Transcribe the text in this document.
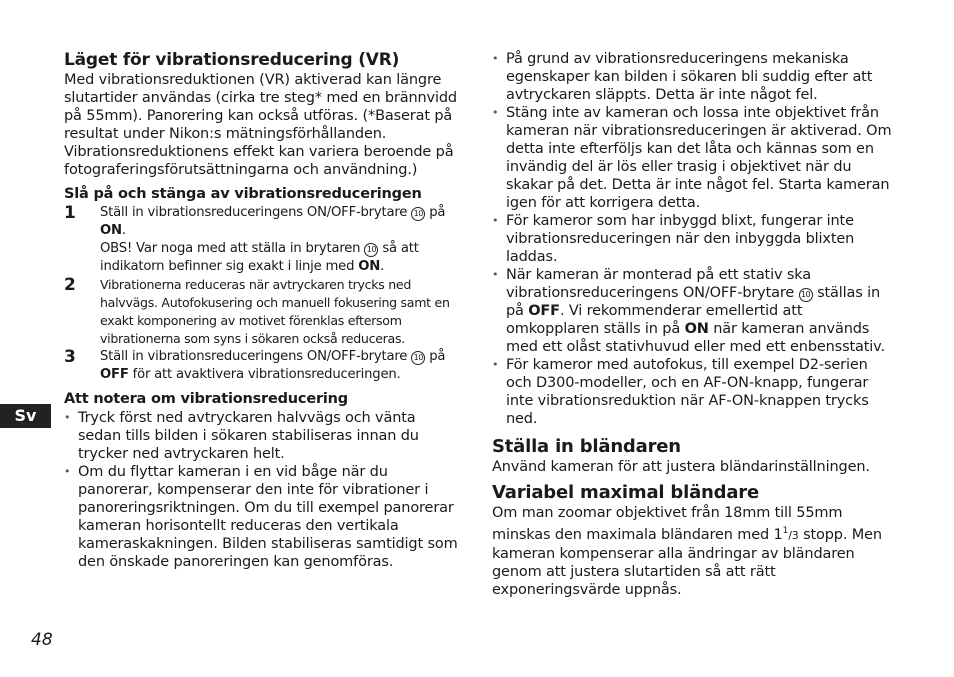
Sv
48
Läget för vibrationsreducering (VR)

Med vibrationsreduktionen (VR) aktiverad kan längre slutartider användas (cirka tre steg* med en brännvidd på 55mm). Panorering kan också utföras. (*Baserat på resultat under Nikon:s mätningsförhållanden. Vibrationsreduktionens effekt kan variera beroende på fotograferingsförutsättningarna och användning.)

Slå på och stänga av vibrationsreduceringen
1 Ställ in vibrationsreduceringens ON/OFF-brytare 10 på ON.

OBS! Var noga med att ställa in brytaren 10 så att indikatorn befinner sig exakt i linje med ON.

2 Vibrationerna reduceras när avtryckaren trycks ned halvvägs. Autofokusering och manuell fokusering samt en exakt komponering av motivet förenklas eftersom vibrationerna som syns i sökaren också reduceras.

3 Ställ in vibrationsreduceringens ON/OFF-brytare 10 på OFF för att avaktivera vibrationsreduceringen.

Att notera om vibrationsreducering
• Tryck först ned avtryckaren halvvägs och vänta sedan tills bilden i sökaren stabiliseras innan du trycker ned avtryckaren helt.
• Om du flyttar kameran i en vid båge när du panorerar, kompenserar den inte för vibrationer i panoreringsriktningen. Om du till exempel panorerar kameran horisontellt reduceras den vertikala kameraskakningen. Bilden stabiliseras samtidigt som den önskade panoreringen kan genomföras.
• På grund av vibrationsreduceringens mekaniska egenskaper kan bilden i sökaren bli suddig efter att avtryckaren släppts. Detta är inte något fel.
• Stäng inte av kameran och lossa inte objektivet från kameran när vibrationsreduceringen är aktiverad. Om detta inte efterföljs kan det låta och kännas som en invändig del är lös eller trasig i objektivet när du skakar på det. Detta är inte något fel. Starta kameran igen för att korrigera detta.
• För kameror som har inbyggd blixt, fungerar inte vibrationsreduceringen när den inbyggda blixten laddas.
• När kameran är monterad på ett stativ ska vibrationsreduceringens ON/OFF-brytare 10 ställas in på OFF. Vi rekommenderar emellertid att omkopplaren ställs in på ON när kameran används med ett olåst stativhuvud eller med ett enbensstativ.
• För kameror med autofokus, till exempel D2-serien och D300-modeller, och en AF-ON-knapp, fungerar inte vibrationsreduktion när AF-ON-knappen trycks ned.
Ställa in bländaren

Använd kameran för att justera bländarinställningen.

Variabel maximal bländare

Om man zoomar objektivet från 18mm till 55mm minskas den maximala bländaren med $1^1/3$ stopp. Men kameran kompenserar alla ändringar av bländaren genom att justera slutartiden så att rätt exponeringsvärde uppnås.
